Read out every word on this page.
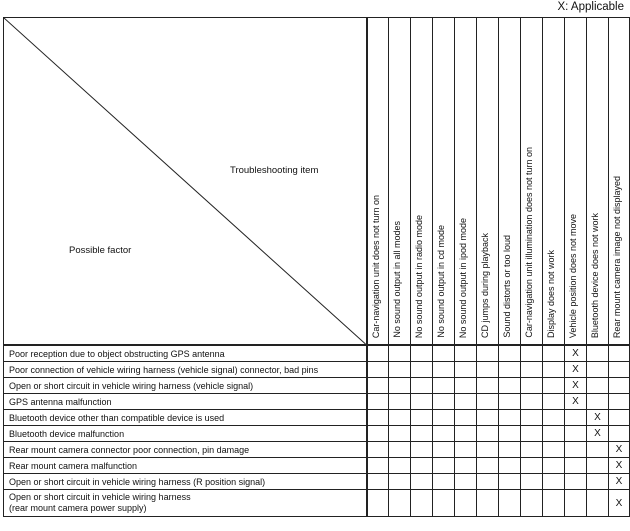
X: Applicable
Troubleshooting item
Possible factor	Car-navigation unit does not turn on	No sound output in all modes	No sound output in radio mode	No sound output in cd mode	No sound output in ipod mode	CD jumps during playback	Sound distorts or too loud	Car-navigation unit illumination does not turn on	Display does not work	Vehicle position does not move	Bluetooth device does not work	Rear mount camera image not displayed
Poor reception due to object obstructing GPS antenna										X		
Poor connection of vehicle wiring harness (vehicle signal) connector, bad pins										X		
Open or short circuit in vehicle wiring harness (vehicle signal)										X		
GPS antenna malfunction										X		
Bluetooth device other than compatible device is used											X	
Bluetooth device malfunction											X	
Rear mount camera connector poor connection, pin damage												X
Rear mount camera malfunction												X
Open or short circuit in vehicle wiring harness (R position signal)												X
Open or short circuit in vehicle wiring harness
(rear mount camera power supply)												X
